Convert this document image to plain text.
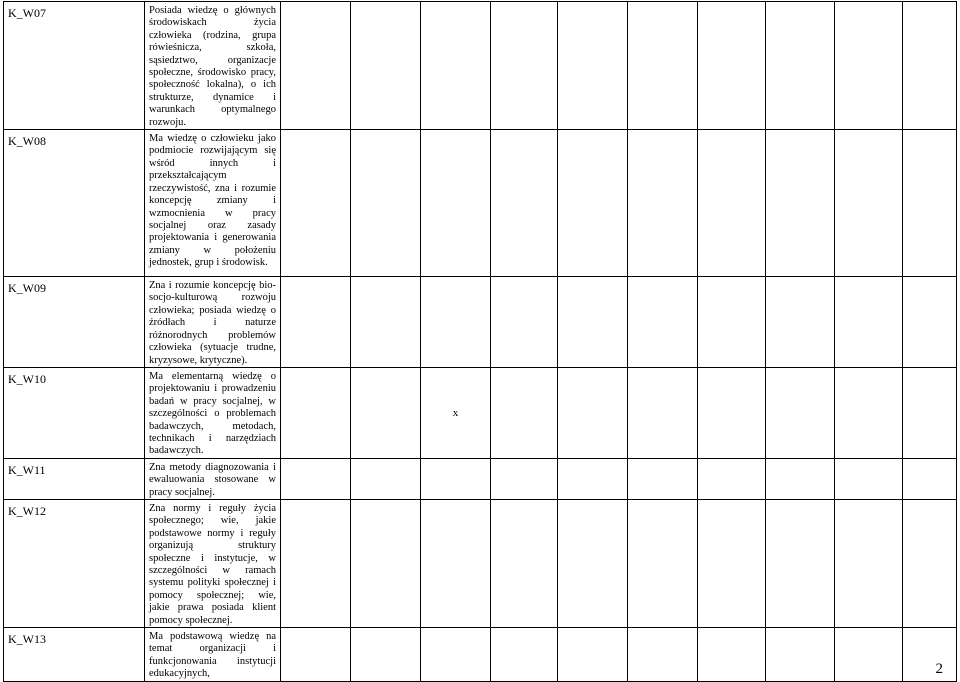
K_W07	Posiada wiedzę o głównych środowiskach życia człowieka (rodzina, grupa rówieśnicza, szkoła, sąsiedztwo, organizacje społeczne, środowisko pracy, społeczność lokalna), o ich strukturze, dynamice i warunkach optymalnego rozwoju.										
K_W08	Ma wiedzę o człowieku jako podmiocie rozwijającym się wśród innych i przekształcającym rzeczywistość, zna i rozumie koncepcję zmiany i wzmocnienia w pracy socjalnej oraz zasady projektowania i generowania zmiany w położeniu jednostek, grup i środowisk.										
K_W09	Zna i rozumie koncepcję bio-socjo-kulturową rozwoju człowieka; posiada wiedzę o źródłach i naturze różnorodnych problemów człowieka (sytuacje trudne, kryzysowe, krytyczne).										
K_W10	Ma elementarną wiedzę o projektowaniu i prowadzeniu badań w pracy socjalnej, w szczególności o problemach badawczych, metodach, technikach i narzędziach badawczych.			x							
K_W11	Zna metody diagnozowania i ewaluowania stosowane w pracy socjalnej.										
K_W12	Zna normy i reguły życia społecznego; wie, jakie podstawowe normy i reguły organizują struktury społeczne i instytucje, w szczególności w ramach systemu polityki społecznej i pomocy społecznej; wie, jakie prawa posiada klient pomocy społecznej.										
K_W13	Ma podstawową wiedzę na temat organizacji i funkcjonowania instytucji edukacyjnych,											2
